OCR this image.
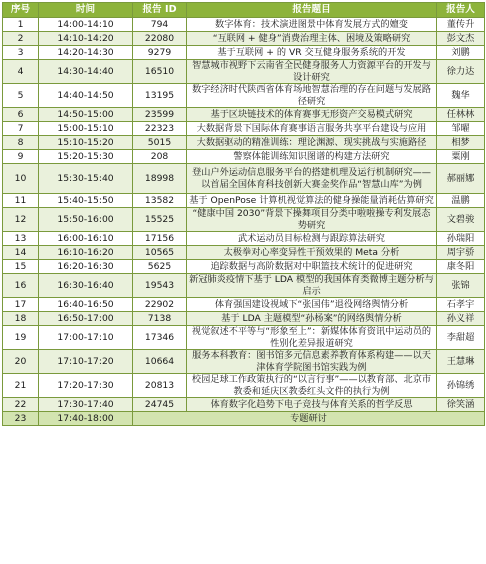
序号	时间	报告 ID	报告题目	报告人
1	14:00-14:10	794	数字体育：技术演进图景中体育发展方式的嬗变	董传升
2	14:10-14:20	22080	“互联网 + 健身”消费治理主体、困境及策略研究	彭文杰
3	14:20-14:30	9279	基于互联网 + 的 VR 交互健身服务系统的开发	刘鹏
4	14:30-14:40	16510	智慧城市视野下云南省全民健身服务人力资源平台的开发与设计研究	徐力达
5	14:40-14:50	13195	数字经济时代陕西省体育场地智慧治理的存在问题与发展路径研究	魏华
6	14:50-15:00	23599	基于区块链技术的体育赛事无形资产交易模式研究	任林林
7	15:00-15:10	22323	大数据背景下国际体育赛事语言服务共享平台建设与应用	邹曜
8	15:10-15:20	5015	大数据驱动的精准训练：理论渊源、现实挑战与实施路径	相梦
9	15:20-15:30	208	警察体能训练知识图谱的构建方法研究	粟刚
10	15:30-15:40	18998	登山户外运动信息服务平台的搭建机理及运行机制研究——以首届全国体育科技创新大赛金奖作品“智慧山库”为例	郝丽娜
11	15:40-15:50	13582	基于 OpenPose 计算机视觉算法的健身操能量消耗估算研究	温鹏
12	15:50-16:00	15525	“健康中国 2030”背景下操舞项目分类中啦啦操专利发展态势研究	文碧骏
13	16:00-16:10	17156	武术运动员目标检测与跟踪算法研究	孙瑞阳
14	16:10-16:20	10565	太极拳对心率变异性干预效果的 Meta 分析	周宇骄
15	16:20-16:30	5625	追踪数据与高阶数据对中职篮技术统计的促进研究	康冬阳
16	16:30-16:40	19543	新冠肺炎疫情下基于 LDA 模型的我国体育类微博主题分析与启示	张锦
17	16:40-16:50	22902	体育强国建设视域下“张国伟”退役网络舆情分析	石孝宇
18	16:50-17:00	7138	基于 LDA 主题模型“孙杨案”的网络舆情分析	孙义祥
19	17:00-17:10	17346	视觉叙述不平等与“形象至上”：新媒体体育资讯中运动员的性别化差异报道研究	李甜超
20	17:10-17:20	10664	服务本科教育：图书馆多元信息素养教育体系构建——以天津体育学院图书馆实践为例	王慧琳
21	17:20-17:30	20813	校园足球工作政策执行的“以言行事”——以教育部、北京市教委和延庆区教委红头文件的执行为例	孙锦绣
22	17:30-17:40	24745	体育数字化趋势下电子竞技与体育关系的哲学反思	徐笑涵
23	17:40-18:00	专题研讨		
